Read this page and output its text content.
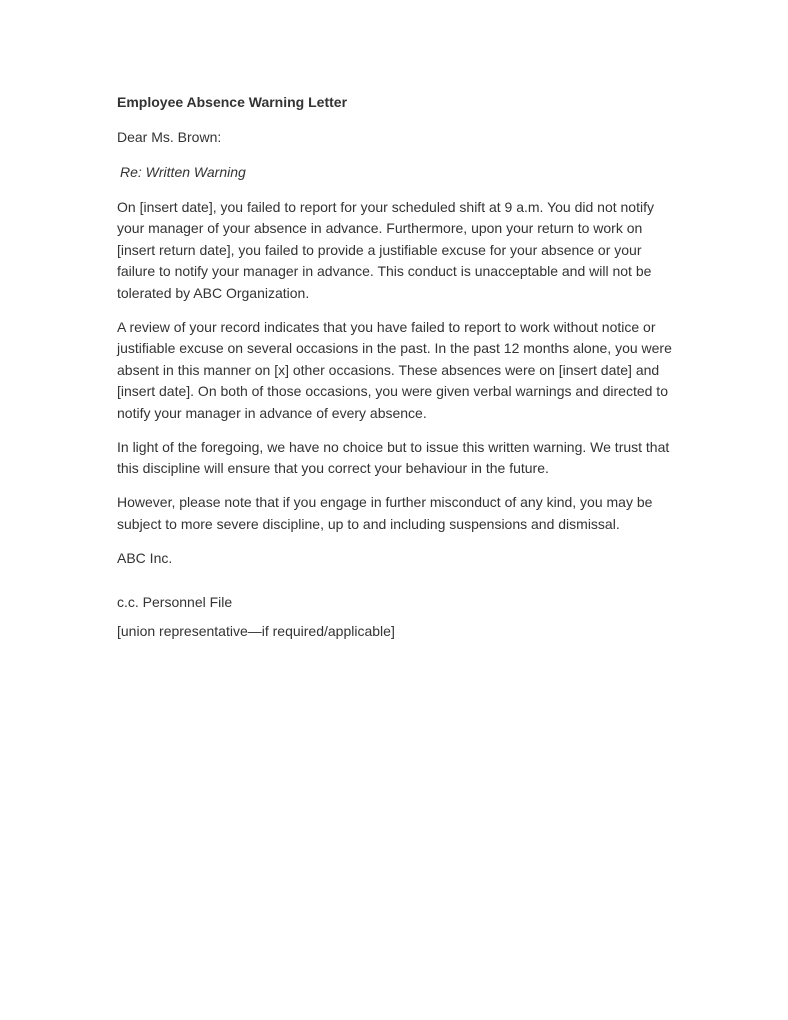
Employee Absence Warning Letter

Dear Ms. Brown:

Re: Written Warning

On [insert date], you failed to report for your scheduled shift at 9 a.m. You did not notify your manager of your absence in advance. Furthermore, upon your return to work on [insert return date], you failed to provide a justifiable excuse for your absence or your failure to notify your manager in advance. This conduct is unacceptable and will not be tolerated by ABC Organization.

A review of your record indicates that you have failed to report to work without notice or justifiable excuse on several occasions in the past. In the past 12 months alone, you were absent in this manner on [x] other occasions. These absences were on [insert date] and [insert date]. On both of those occasions, you were given verbal warnings and directed to notify your manager in advance of every absence.

In light of the foregoing, we have no choice but to issue this written warning. We trust that this discipline will ensure that you correct your behaviour in the future.

However, please note that if you engage in further misconduct of any kind, you may be subject to more severe discipline, up to and including suspensions and dismissal.

ABC Inc.

c.c. Personnel File

[union representative—if required/applicable]
